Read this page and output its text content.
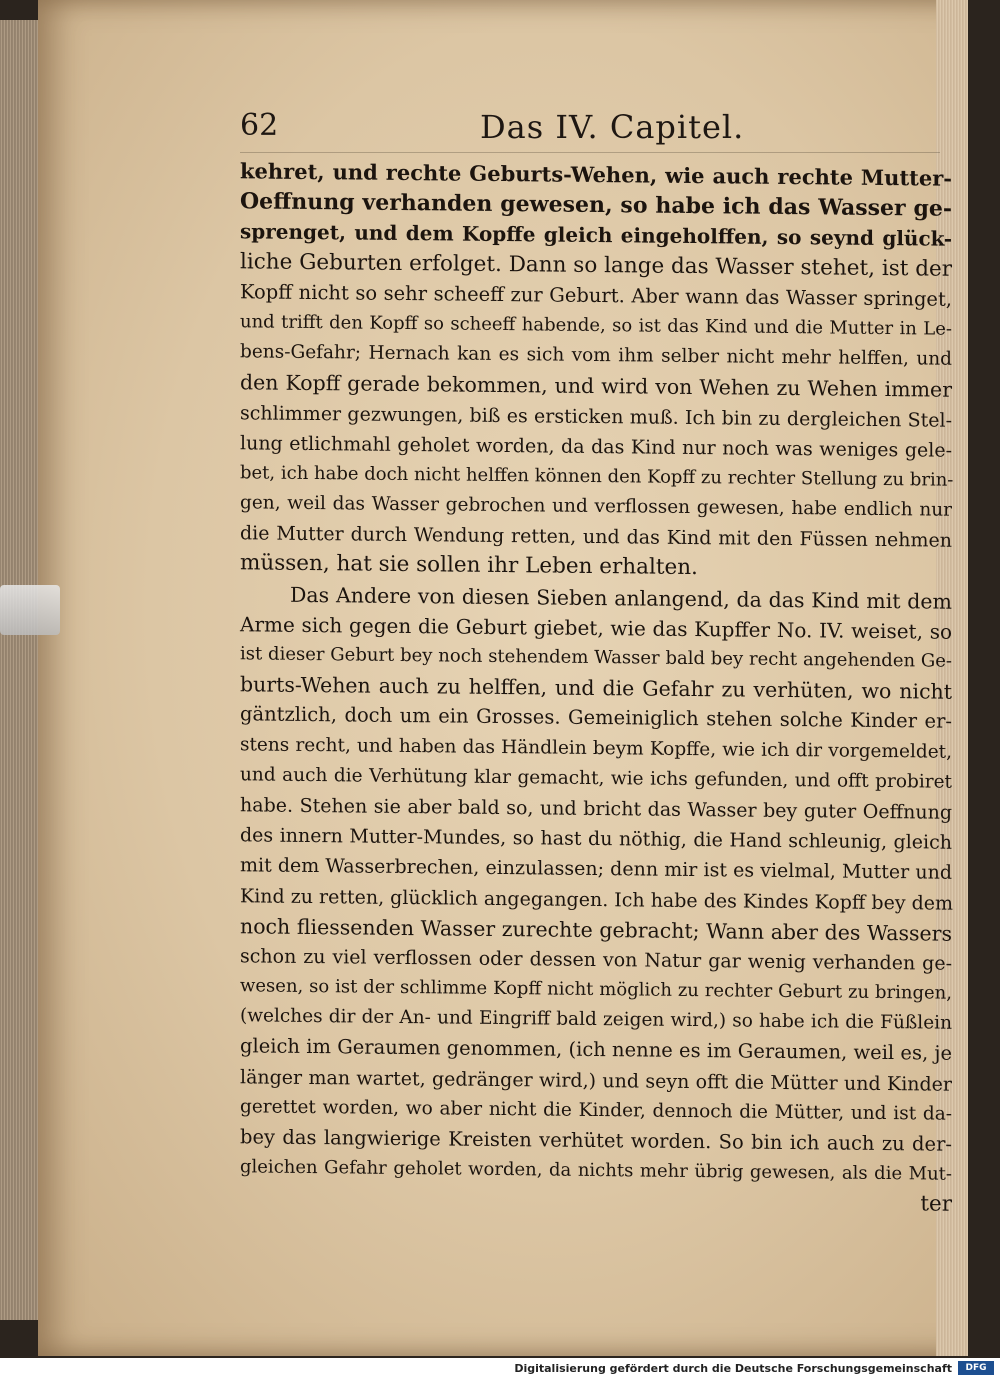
62	Das IV. Capitel.
kehret, und rechte Geburts-Wehen, wie auch rechte Mutter-
Oeffnung verhanden gewesen, so habe ich das Wasser ge-
sprenget, und dem Kopffe gleich eingeholffen, so seynd glück-
liche Geburten erfolget. Dann so lange das Wasser stehet, ist der
Kopff nicht so sehr scheeff zur Geburt. Aber wann das Wasser springet,
und trifft den Kopff so scheeff habende, so ist das Kind und die Mutter in Le-
bens-Gefahr; Hernach kan es sich vom ihm selber nicht mehr helffen, und
den Kopff gerade bekommen, und wird von Wehen zu Wehen immer
schlimmer gezwungen, biß es ersticken muß. Ich bin zu dergleichen Stel-
lung etlichmahl geholet worden, da das Kind nur noch was weniges gele-
bet, ich habe doch nicht helffen können den Kopff zu rechter Stellung zu brin-
gen, weil das Wasser gebrochen und verflossen gewesen, habe endlich nur
die Mutter durch Wendung retten, und das Kind mit den Füssen nehmen
müssen, hat sie sollen ihr Leben erhalten.
Das Andere von diesen Sieben anlangend, da das Kind mit dem
Arme sich gegen die Geburt giebet, wie das Kupffer No. IV. weiset, so
ist dieser Geburt bey noch stehendem Wasser bald bey recht angehenden Ge-
burts-Wehen auch zu helffen, und die Gefahr zu verhüten, wo nicht
gäntzlich, doch um ein Grosses. Gemeiniglich stehen solche Kinder er-
stens recht, und haben das Händlein beym Kopffe, wie ich dir vorgemeldet,
und auch die Verhütung klar gemacht, wie ichs gefunden, und offt probiret
habe. Stehen sie aber bald so, und bricht das Wasser bey guter Oeffnung
des innern Mutter-Mundes, so hast du nöthig, die Hand schleunig, gleich
mit dem Wasserbrechen, einzulassen; denn mir ist es vielmal, Mutter und
Kind zu retten, glücklich angegangen. Ich habe des Kindes Kopff bey dem
noch fliessenden Wasser zurechte gebracht; Wann aber des Wassers
schon zu viel verflossen oder dessen von Natur gar wenig verhanden ge-
wesen, so ist der schlimme Kopff nicht möglich zu rechter Geburt zu bringen,
(welches dir der An- und Eingriff bald zeigen wird,) so habe ich die Füßlein
gleich im Geraumen genommen, (ich nenne es im Geraumen, weil es, je
länger man wartet, gedränger wird,) und seyn offt die Mütter und Kinder
gerettet worden, wo aber nicht die Kinder, dennoch die Mütter, und ist da-
bey das langwierige Kreisten verhütet worden. So bin ich auch zu der-
gleichen Gefahr geholet worden, da nichts mehr übrig gewesen, als die Mut-
ter
Digitalisierung gefördert durch die Deutsche Forschungsgemeinschaft	DFG
